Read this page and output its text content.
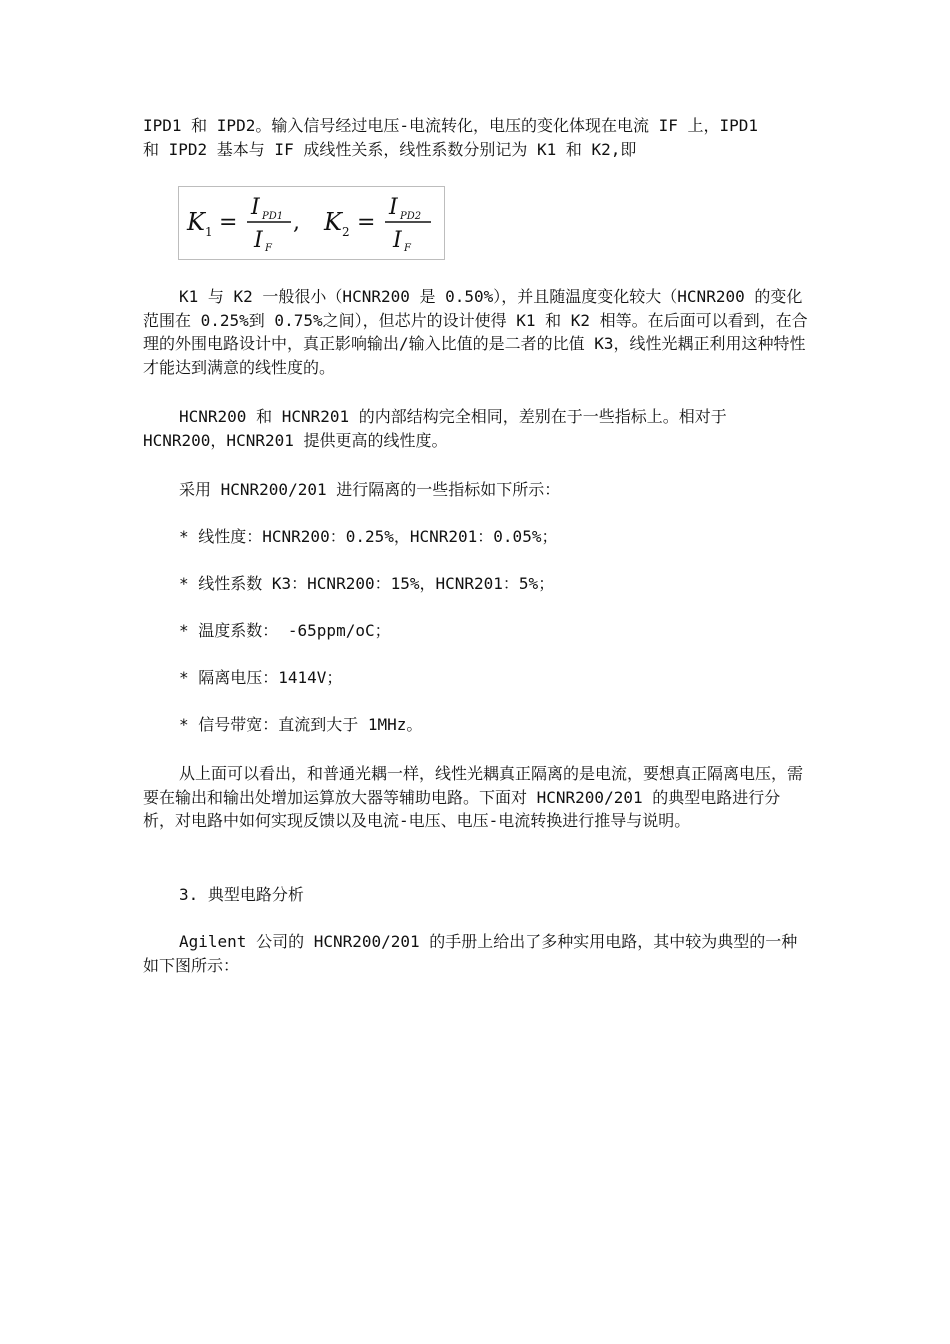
IPD1 和 IPD2。输入信号经过电压-电流转化，电压的变化体现在电流 IF 上，IPD1

和 IPD2 基本与 IF 成线性关系，线性系数分别记为 K1 和 K2,即

K 1 =
I PD1
I F
, K 2 =
I PD2
I F

K1 与 K2 一般很小（HCNR200 是 0.50%），并且随温度变化较大（HCNR200 的变化范围在 0.25%到 0.75%之间），但芯片的设计使得 K1 和 K2 相等。在后面可以看到，在合理的外围电路设计中，真正影响输出/输入比值的是二者的比值 K3，线性光耦正利用这种特性才能达到满意的线性度的。

HCNR200 和 HCNR201 的内部结构完全相同，差别在于一些指标上。相对于 HCNR200，HCNR201 提供更高的线性度。

采用 HCNR200/201 进行隔离的一些指标如下所示：

* 线性度：HCNR200：0.25%，HCNR201：0.05%；

* 线性系数 K3：HCNR200：15%，HCNR201：5%；

* 温度系数： -65ppm/oC；

* 隔离电压：1414V；

* 信号带宽：直流到大于 1MHz。

从上面可以看出，和普通光耦一样，线性光耦真正隔离的是电流，要想真正隔离电压，需要在输出和输出处增加运算放大器等辅助电路。下面对 HCNR200/201 的典型电路进行分析，对电路中如何实现反馈以及电流-电压、电压-电流转换进行推导与说明。

3. 典型电路分析

Agilent 公司的 HCNR200/201 的手册上给出了多种实用电路，其中较为典型的一种如下图所示：
